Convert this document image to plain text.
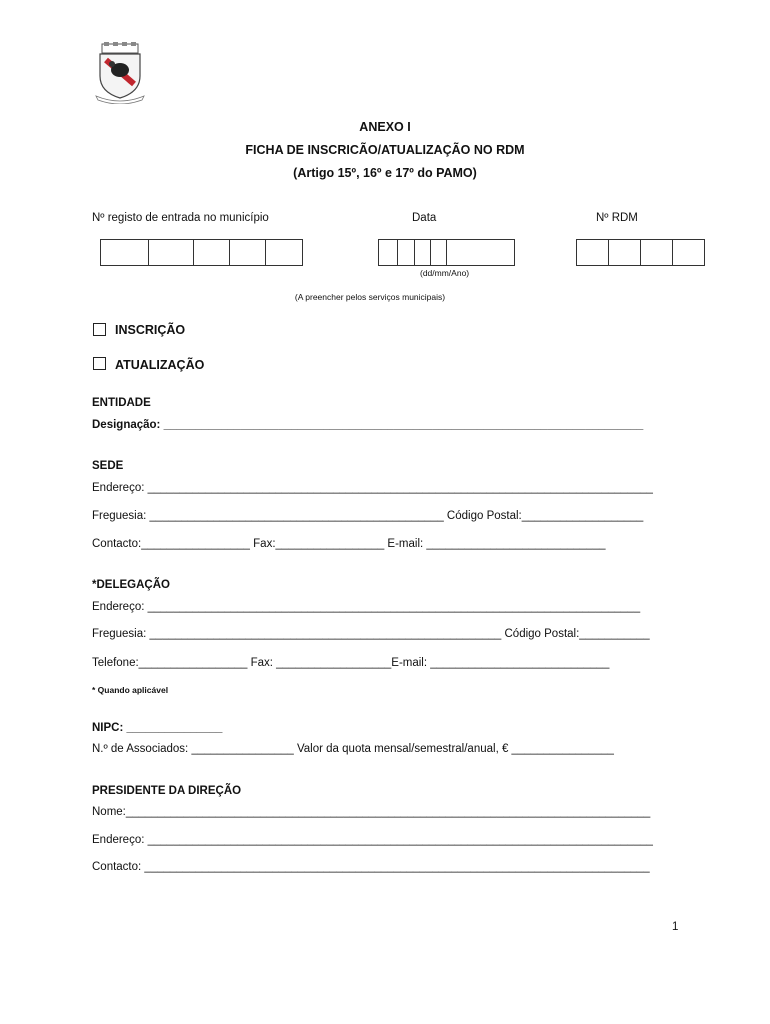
ANEXO I
FICHA DE INSCRICÃO/ATUALIZAÇÃO NO RDM
(Artigo 15º, 16º e 17º do PAMO)
Nº registo de entrada no município	Data	Nº RDM
(dd/mm/Ano)
(A preencher pelos serviços municipais)
INSCRIÇÃO
ATUALIZAÇÃO
ENTIDADE
Designação: ___________________________________________________________________________
SEDE
Endereço: _______________________________________________________________________________
Freguesia: ______________________________________________ Código Postal:___________________
Contacto:_________________ Fax:_________________ E-mail: ____________________________
*DELEGAÇÃO
Endereço: _____________________________________________________________________________
Freguesia: _______________________________________________________ Código Postal:___________
Telefone:_________________ Fax: __________________E-mail: ____________________________
* Quando aplicável
NIPC: _______________
N.º de Associados: ________________ Valor da quota mensal/semestral/anual, € ________________
PRESIDENTE DA DIREÇÃO
Nome:__________________________________________________________________________________
Endereço: _______________________________________________________________________________
Contacto: _______________________________________________________________________________
1
